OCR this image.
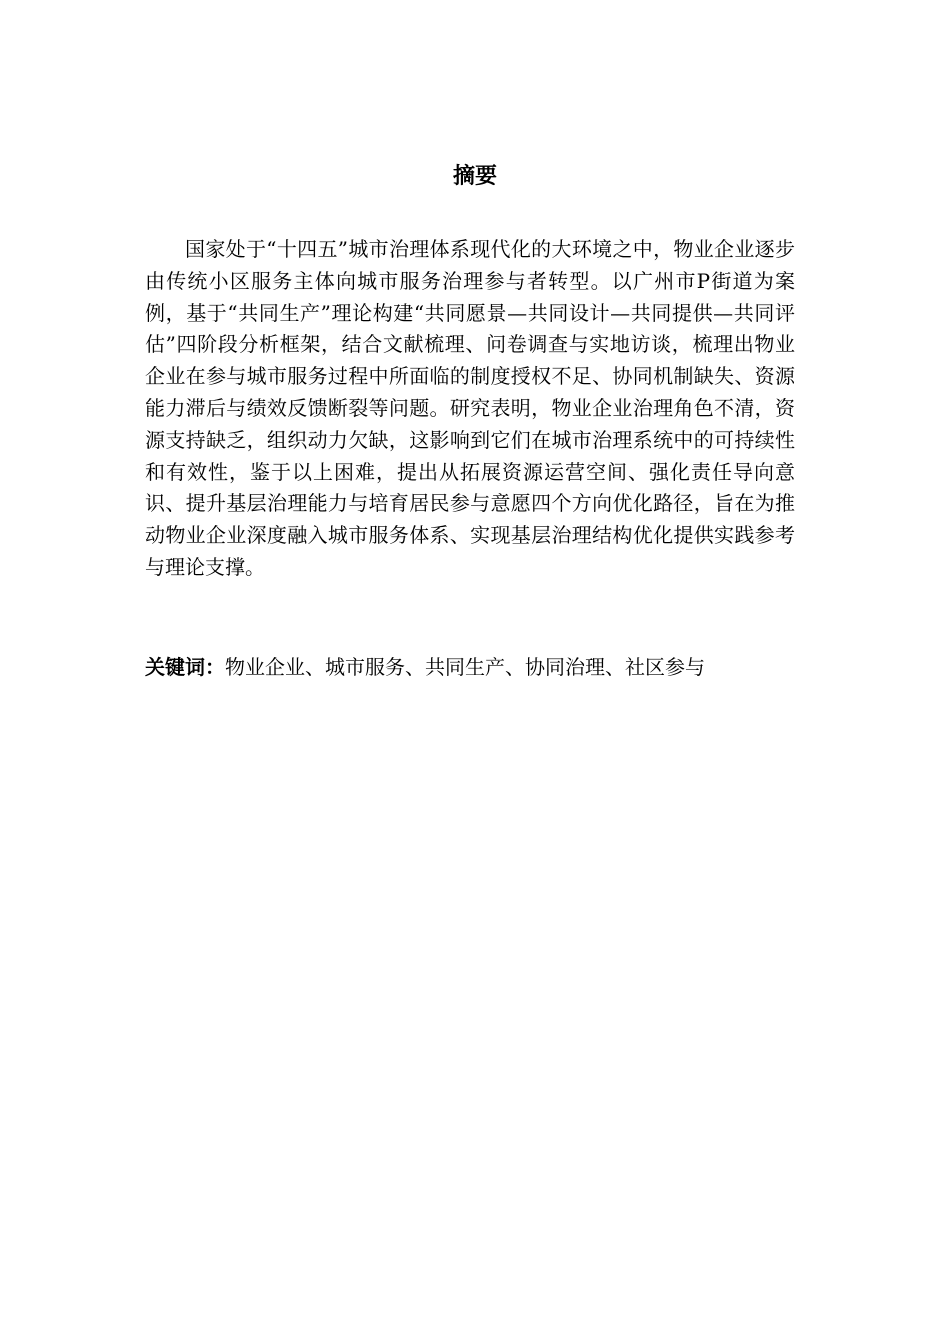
摘要

国家处于“十四五”城市治理体系现代化的大环境之中，物业企业逐步由传统小区服务主体向城市服务治理参与者转型。以广州市P街道为案例，基于“共同生产”理论构建“共同愿景—共同设计—共同提供—共同评估”四阶段分析框架，结合文献梳理、问卷调查与实地访谈，梳理出物业企业在参与城市服务过程中所面临的制度授权不足、协同机制缺失、资源能力滞后与绩效反馈断裂等问题。研究表明，物业企业治理角色不清，资源支持缺乏，组织动力欠缺，这影响到它们在城市治理系统中的可持续性和有效性，鉴于以上困难，提出从拓展资源运营空间、强化责任导向意识、提升基层治理能力与培育居民参与意愿四个方向优化路径，旨在为推动物业企业深度融入城市服务体系、实现基层治理结构优化提供实践参考与理论支撑。

关键词：物业企业、城市服务、共同生产、协同治理、社区参与
